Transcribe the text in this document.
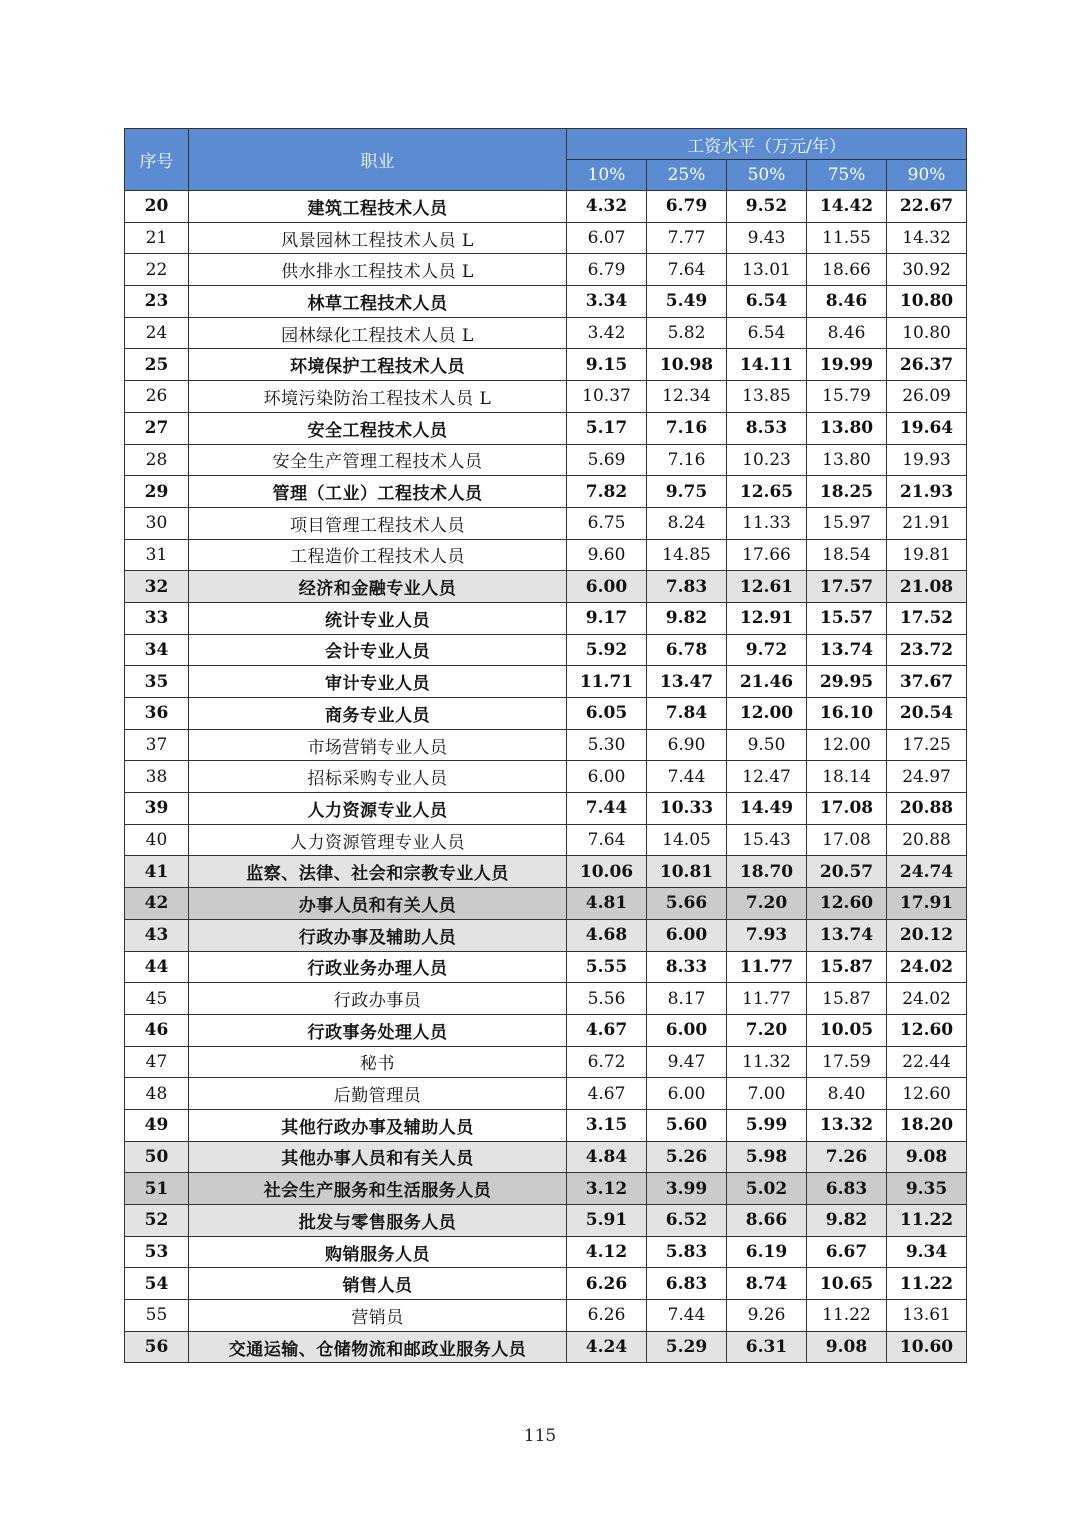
序号	职业	工资水平（万元/年）				
		10%	25%	50%	75%	90%
20	建筑工程技术人员	4.32	6.79	9.52	14.42	22.67
21	风景园林工程技术人员 L	6.07	7.77	9.43	11.55	14.32
22	供水排水工程技术人员 L	6.79	7.64	13.01	18.66	30.92
23	林草工程技术人员	3.34	5.49	6.54	8.46	10.80
24	园林绿化工程技术人员 L	3.42	5.82	6.54	8.46	10.80
25	环境保护工程技术人员	9.15	10.98	14.11	19.99	26.37
26	环境污染防治工程技术人员 L	10.37	12.34	13.85	15.79	26.09
27	安全工程技术人员	5.17	7.16	8.53	13.80	19.64
28	安全生产管理工程技术人员	5.69	7.16	10.23	13.80	19.93
29	管理（工业）工程技术人员	7.82	9.75	12.65	18.25	21.93
30	项目管理工程技术人员	6.75	8.24	11.33	15.97	21.91
31	工程造价工程技术人员	9.60	14.85	17.66	18.54	19.81
32	经济和金融专业人员	6.00	7.83	12.61	17.57	21.08
33	统计专业人员	9.17	9.82	12.91	15.57	17.52
34	会计专业人员	5.92	6.78	9.72	13.74	23.72
35	审计专业人员	11.71	13.47	21.46	29.95	37.67
36	商务专业人员	6.05	7.84	12.00	16.10	20.54
37	市场营销专业人员	5.30	6.90	9.50	12.00	17.25
38	招标采购专业人员	6.00	7.44	12.47	18.14	24.97
39	人力资源专业人员	7.44	10.33	14.49	17.08	20.88
40	人力资源管理专业人员	7.64	14.05	15.43	17.08	20.88
41	监察、法律、社会和宗教专业人员	10.06	10.81	18.70	20.57	24.74
42	办事人员和有关人员	4.81	5.66	7.20	12.60	17.91
43	行政办事及辅助人员	4.68	6.00	7.93	13.74	20.12
44	行政业务办理人员	5.55	8.33	11.77	15.87	24.02
45	行政办事员	5.56	8.17	11.77	15.87	24.02
46	行政事务处理人员	4.67	6.00	7.20	10.05	12.60
47	秘书	6.72	9.47	11.32	17.59	22.44
48	后勤管理员	4.67	6.00	7.00	8.40	12.60
49	其他行政办事及辅助人员	3.15	5.60	5.99	13.32	18.20
50	其他办事人员和有关人员	4.84	5.26	5.98	7.26	9.08
51	社会生产服务和生活服务人员	3.12	3.99	5.02	6.83	9.35
52	批发与零售服务人员	5.91	6.52	8.66	9.82	11.22
53	购销服务人员	4.12	5.83	6.19	6.67	9.34
54	销售人员	6.26	6.83	8.74	10.65	11.22
55	营销员	6.26	7.44	9.26	11.22	13.61
56	交通运输、仓储物流和邮政业服务人员	4.24	5.29	6.31	9.08	10.60
115
